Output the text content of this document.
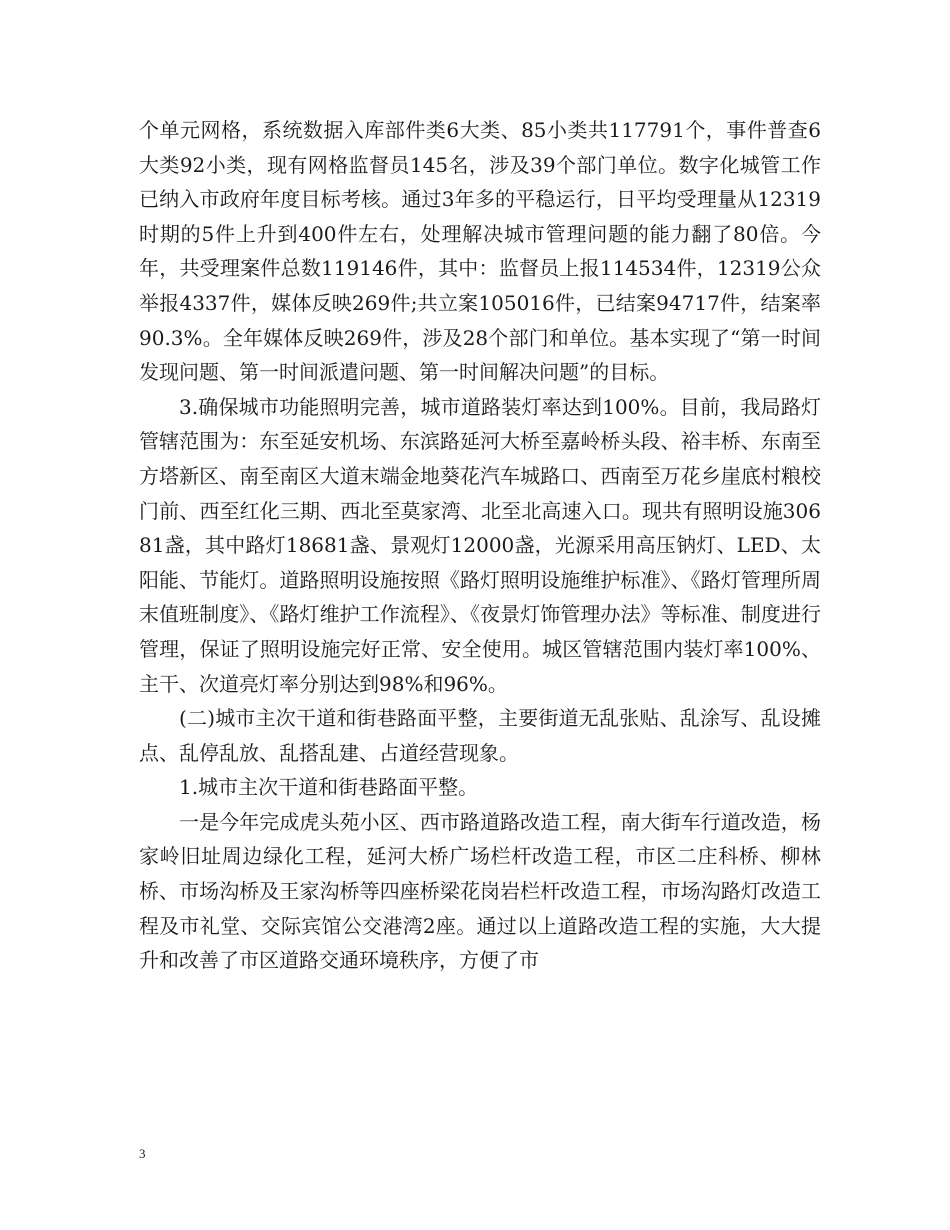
个单元网格，系统数据入库部件类6大类、85小类共117791个，事件普查6大类92小类，现有网格监督员145名，涉及39个部门单位。数字化城管工作已纳入市政府年度目标考核。通过3年多的平稳运行，日平均受理量从12319时期的5件上升到400件左右，处理解决城市管理问题的能力翻了80倍。今年，共受理案件总数119146件，其中：监督员上报114534件，12319公众举报4337件，媒体反映269件;共立案105016件，已结案94717件，结案率90.3%。全年媒体反映269件，涉及28个部门和单位。基本实现了“第一时间发现问题、第一时间派遣问题、第一时间解决问题”的目标。

3.确保城市功能照明完善，城市道路装灯率达到100%。目前，我局路灯管辖范围为：东至延安机场、东滨路延河大桥至嘉岭桥头段、裕丰桥、东南至方塔新区、南至南区大道末端金地葵花汽车城路口、西南至万花乡崖底村粮校门前、西至红化三期、西北至莫家湾、北至北高速入口。现共有照明设施30681盏，其中路灯18681盏、景观灯12000盏，光源采用高压钠灯、LED、太阳能、节能灯。道路照明设施按照《路灯照明设施维护标准》、《路灯管理所周末值班制度》、《路灯维护工作流程》、《夜景灯饰管理办法》等标准、制度进行管理，保证了照明设施完好正常、安全使用。城区管辖范围内装灯率100%、主干、次道亮灯率分别达到98%和96%。

(二)城市主次干道和街巷路面平整，主要街道无乱张贴、乱涂写、乱设摊点、乱停乱放、乱搭乱建、占道经营现象。

1.城市主次干道和街巷路面平整。

一是今年完成虎头苑小区、西市路道路改造工程，南大街车行道改造，杨家岭旧址周边绿化工程，延河大桥广场栏杆改造工程，市区二庄科桥、柳林桥、市场沟桥及王家沟桥等四座桥梁花岗岩栏杆改造工程，市场沟路灯改造工程及市礼堂、交际宾馆公交港湾2座。通过以上道路改造工程的实施，大大提升和改善了市区道路交通环境秩序，方便了市

3
